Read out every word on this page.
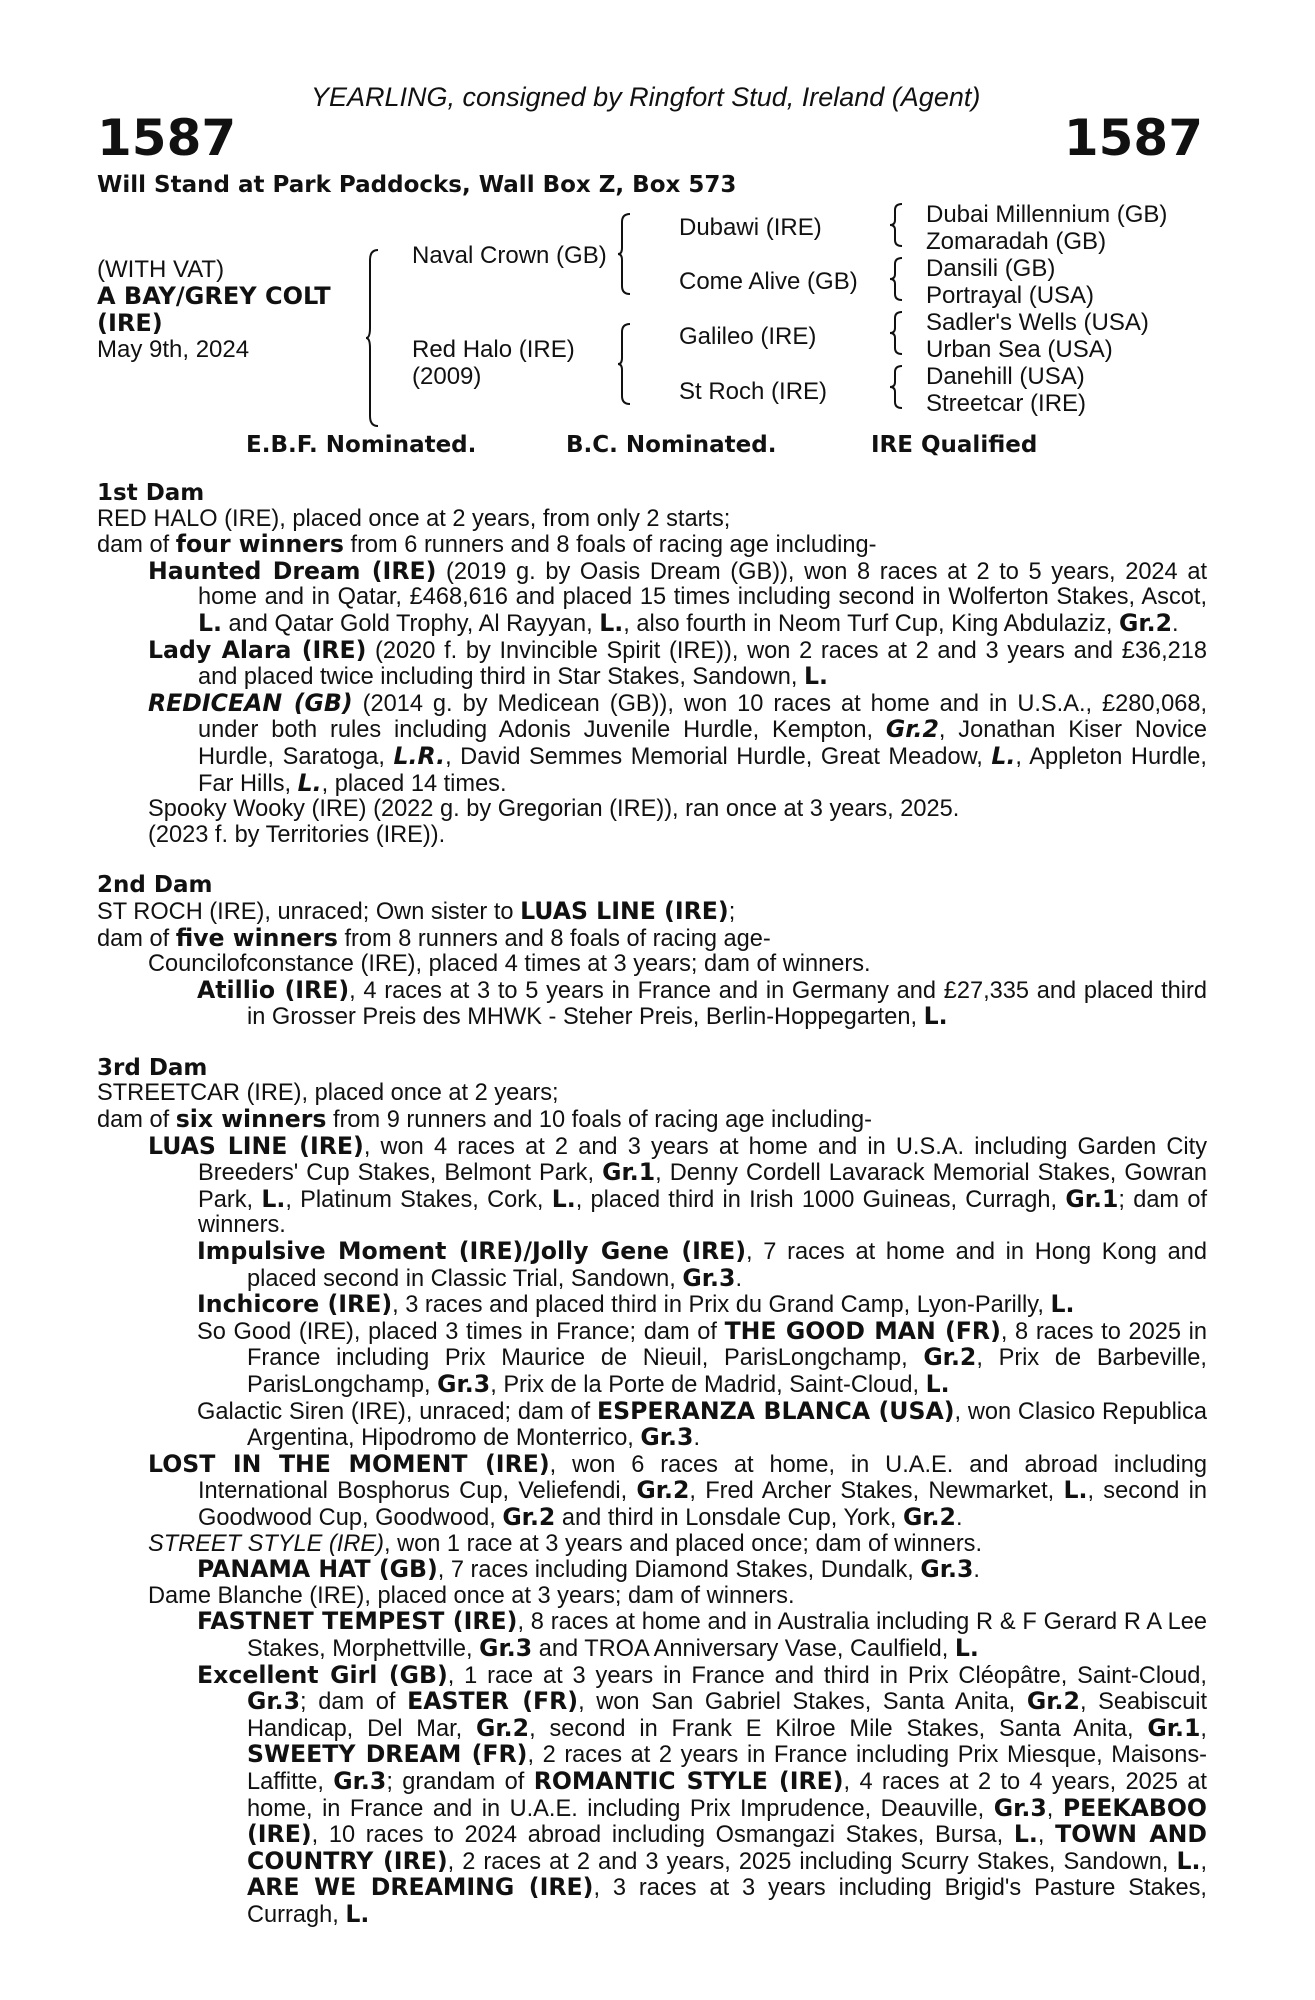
YEARLING, consigned by Ringfort Stud, Ireland (Agent)
1587	1587
Will Stand at Park Paddocks, Wall Box Z, Box 573
(WITH VAT)
A BAY/GREY COLT
(IRE)
May 9th, 2024
Naval Crown (GB)
Red Halo (IRE)
(2009)
Dubawi (IRE)
Come Alive (GB)
Galileo (IRE)
St Roch (IRE)
Dubai Millennium (GB)
Zomaradah (GB)
Dansili (GB)
Portrayal (USA)
Sadler's Wells (USA)
Urban Sea (USA)
Danehill (USA)
Streetcar (IRE)
E.B.F. Nominated.	B.C. Nominated.	IRE Qualified

1st Dam

RED HALO (IRE), placed once at 2 years, from only 2 starts;

dam of four winners from 6 runners and 8 foals of racing age including-

Haunted Dream (IRE) (2019 g. by Oasis Dream (GB)), won 8 races at 2 to 5 years, 2024 at home and in Qatar, £468,616 and placed 15 times including second in Wolferton Stakes, Ascot, L. and Qatar Gold Trophy, Al Rayyan, L., also fourth in Neom Turf Cup, King Abdulaziz, Gr.2.

Lady Alara (IRE) (2020 f. by Invincible Spirit (IRE)), won 2 races at 2 and 3 years and £36,218 and placed twice including third in Star Stakes, Sandown, L.

REDICEAN (GB) (2014 g. by Medicean (GB)), won 10 races at home and in U.S.A., £280,068, under both rules including Adonis Juvenile Hurdle, Kempton, Gr.2, Jonathan Kiser Novice Hurdle, Saratoga, L.R., David Semmes Memorial Hurdle, Great Meadow, L., Appleton Hurdle, Far Hills, L., placed 14 times.

Spooky Wooky (IRE) (2022 g. by Gregorian (IRE)), ran once at 3 years, 2025.

(2023 f. by Territories (IRE)).

2nd Dam

ST ROCH (IRE), unraced; Own sister to LUAS LINE (IRE);

dam of five winners from 8 runners and 8 foals of racing age-

Councilofconstance (IRE), placed 4 times at 3 years; dam of winners.

Atillio (IRE), 4 races at 3 to 5 years in France and in Germany and £27,335 and placed third in Grosser Preis des MHWK - Steher Preis, Berlin-Hoppegarten, L.

3rd Dam

STREETCAR (IRE), placed once at 2 years;

dam of six winners from 9 runners and 10 foals of racing age including-

LUAS LINE (IRE), won 4 races at 2 and 3 years at home and in U.S.A. including Garden City Breeders' Cup Stakes, Belmont Park, Gr.1, Denny Cordell Lavarack Memorial Stakes, Gowran Park, L., Platinum Stakes, Cork, L., placed third in Irish 1000 Guineas, Curragh, Gr.1; dam of winners.

Impulsive Moment (IRE)/Jolly Gene (IRE), 7 races at home and in Hong Kong and placed second in Classic Trial, Sandown, Gr.3.

Inchicore (IRE), 3 races and placed third in Prix du Grand Camp, Lyon-Parilly, L.

So Good (IRE), placed 3 times in France; dam of THE GOOD MAN (FR), 8 races to 2025 in France including Prix Maurice de Nieuil, ParisLongchamp, Gr.2, Prix de Barbeville, ParisLongchamp, Gr.3, Prix de la Porte de Madrid, Saint-Cloud, L.

Galactic Siren (IRE), unraced; dam of ESPERANZA BLANCA (USA), won Clasico Republica Argentina, Hipodromo de Monterrico, Gr.3.

LOST IN THE MOMENT (IRE), won 6 races at home, in U.A.E. and abroad including International Bosphorus Cup, Veliefendi, Gr.2, Fred Archer Stakes, Newmarket, L., second in Goodwood Cup, Goodwood, Gr.2 and third in Lonsdale Cup, York, Gr.2.

STREET STYLE (IRE), won 1 race at 3 years and placed once; dam of winners.

PANAMA HAT (GB), 7 races including Diamond Stakes, Dundalk, Gr.3.

Dame Blanche (IRE), placed once at 3 years; dam of winners.

FASTNET TEMPEST (IRE), 8 races at home and in Australia including R & F Gerard R A Lee Stakes, Morphettville, Gr.3 and TROA Anniversary Vase, Caulfield, L.

Excellent Girl (GB), 1 race at 3 years in France and third in Prix Cléopâtre, Saint-Cloud, Gr.3; dam of EASTER (FR), won San Gabriel Stakes, Santa Anita, Gr.2, Seabiscuit Handicap, Del Mar, Gr.2, second in Frank E Kilroe Mile Stakes, Santa Anita, Gr.1, SWEETY DREAM (FR), 2 races at 2 years in France including Prix Miesque, Maisons-Laffitte, Gr.3; grandam of ROMANTIC STYLE (IRE), 4 races at 2 to 4 years, 2025 at home, in France and in U.A.E. including Prix Imprudence, Deauville, Gr.3, PEEKABOO (IRE), 10 races to 2024 abroad including Osmangazi Stakes, Bursa, L., TOWN AND COUNTRY (IRE), 2 races at 2 and 3 years, 2025 including Scurry Stakes, Sandown, L., ARE WE DREAMING (IRE), 3 races at 3 years including Brigid's Pasture Stakes, Curragh, L.
